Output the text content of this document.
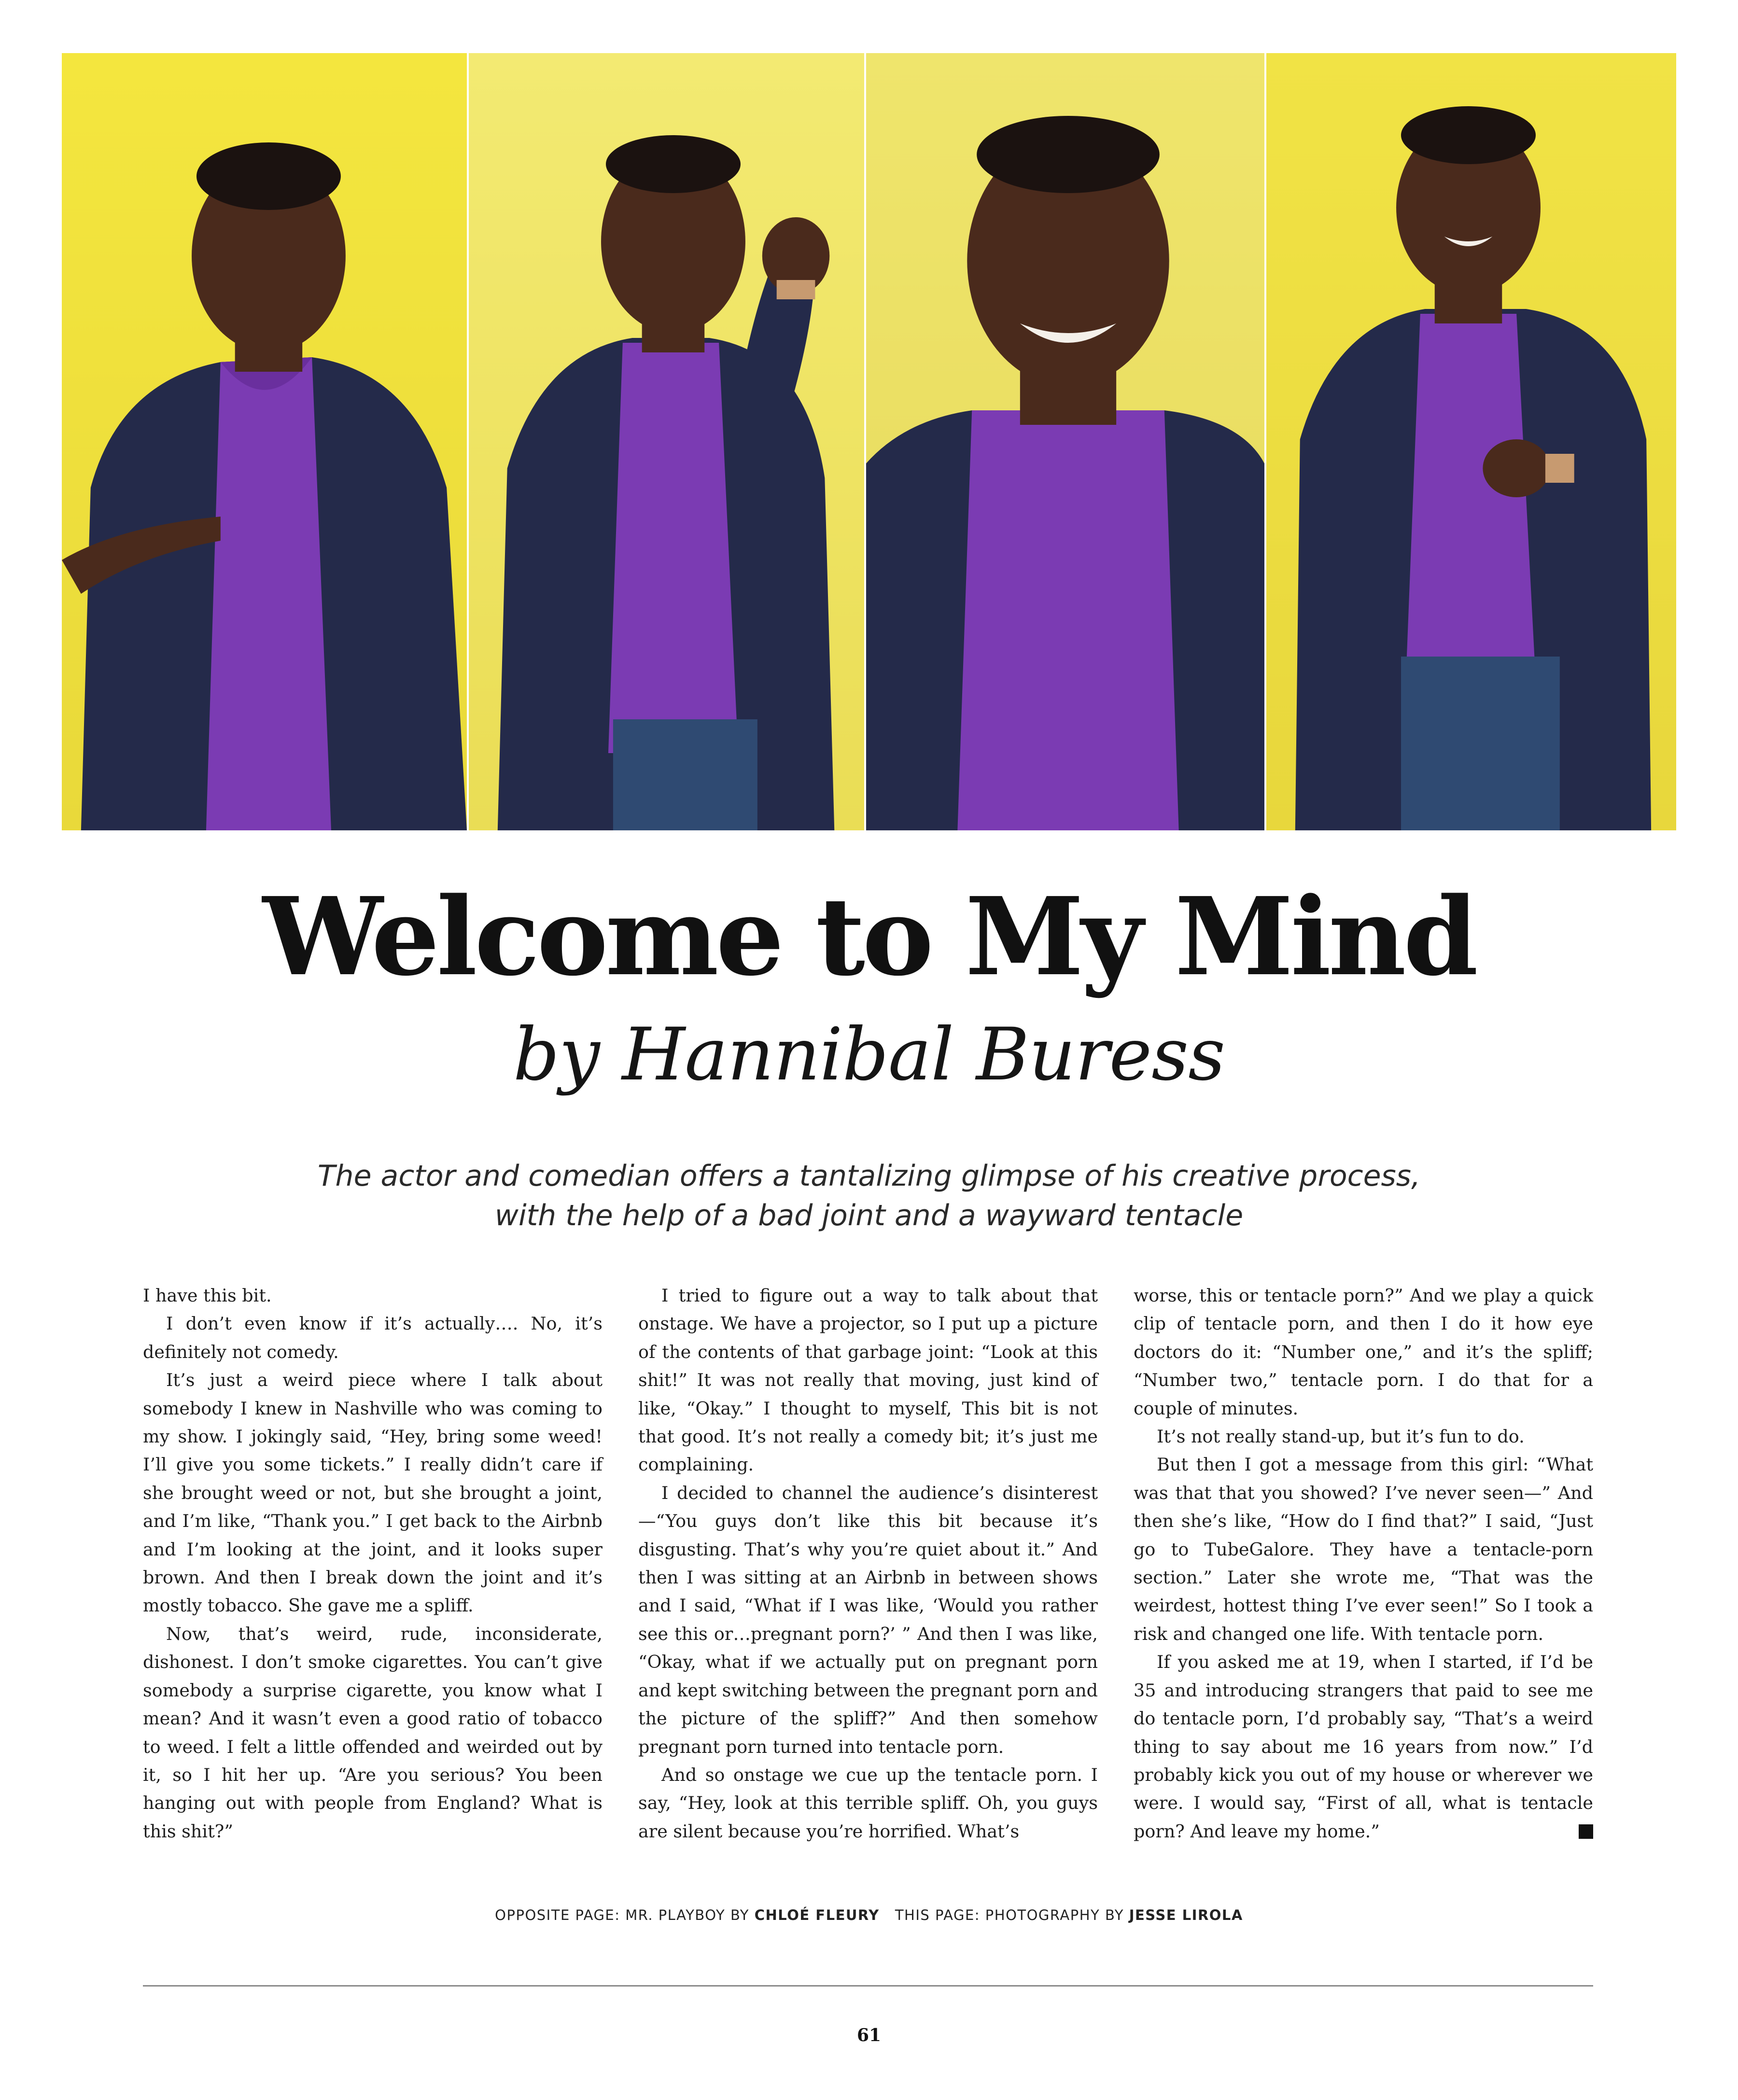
Welcome to My Mind
by Hannibal Buress
The actor and comedian offers a tantalizing glimpse of his creative process,
with the help of a bad joint and a wayward tentacle

I have this bit.

I don’t even know if it’s actually…. No, it’s definitely not comedy.

It’s just a weird piece where I talk about somebody I knew in Nashville who was coming to my show. I jokingly said, “Hey, bring some weed! I’ll give you some tickets.” I really didn’t care if she brought weed or not, but she brought a joint, and I’m like, “Thank you.” I get back to the Airbnb and I’m looking at the joint, and it looks super brown. And then I break down the joint and it’s mostly tobacco. She gave me a spliff.

Now, that’s weird, rude, inconsiderate, dishonest. I don’t smoke cigarettes. You can’t give somebody a surprise cigarette, you know what I mean? And it wasn’t even a good ratio of tobacco to weed. I felt a little offended and weirded out by it, so I hit her up. “Are you serious? You been hanging out with people from England? What is this shit?”

I tried to figure out a way to talk about that onstage. We have a projector, so I put up a picture of the contents of that garbage joint: “Look at this shit!” It was not really that moving, just kind of like, “Okay.” I thought to myself, This bit is not that good. It’s not really a comedy bit; it’s just me complaining.

I decided to channel the audience’s disinterest—“You guys don’t like this bit because it’s disgusting. That’s why you’re quiet about it.” And then I was sitting at an Airbnb in between shows and I said, “What if I was like, ‘Would you rather see this or…pregnant porn?’ ” And then I was like, “Okay, what if we actually put on pregnant porn and kept switching between the pregnant porn and the picture of the spliff?” And then somehow pregnant porn turned into tentacle porn.

And so onstage we cue up the tentacle porn. I say, “Hey, look at this terrible spliff. Oh, you guys are silent because you’re horrified. What’s

worse, this or tentacle porn?” And we play a quick clip of tentacle porn, and then I do it how eye doctors do it: “Number one,” and it’s the spliff; “Number two,” tentacle porn. I do that for a couple of minutes.

It’s not really stand-up, but it’s fun to do.

But then I got a message from this girl: “What was that that you showed? I’ve never seen—” And then she’s like, “How do I find that?” I said, “Just go to TubeGalore. They have a tentacle-porn section.” Later she wrote me, “That was the weirdest, hottest thing I’ve ever seen!” So I took a risk and changed one life. With tentacle porn.

If you asked me at 19, when I started, if I’d be 35 and introducing strangers that paid to see me do tentacle porn, I’d probably say, “That’s a weird thing to say about me 16 years from now.” I’d probably kick you out of my house or wherever we were. I would say, “First of all, what is tentacle porn? And leave my home.”

OPPOSITE PAGE: MR. PLAYBOY BY CHLOÉ FLEURY THIS PAGE: PHOTOGRAPHY BY JESSE LIROLA
61
